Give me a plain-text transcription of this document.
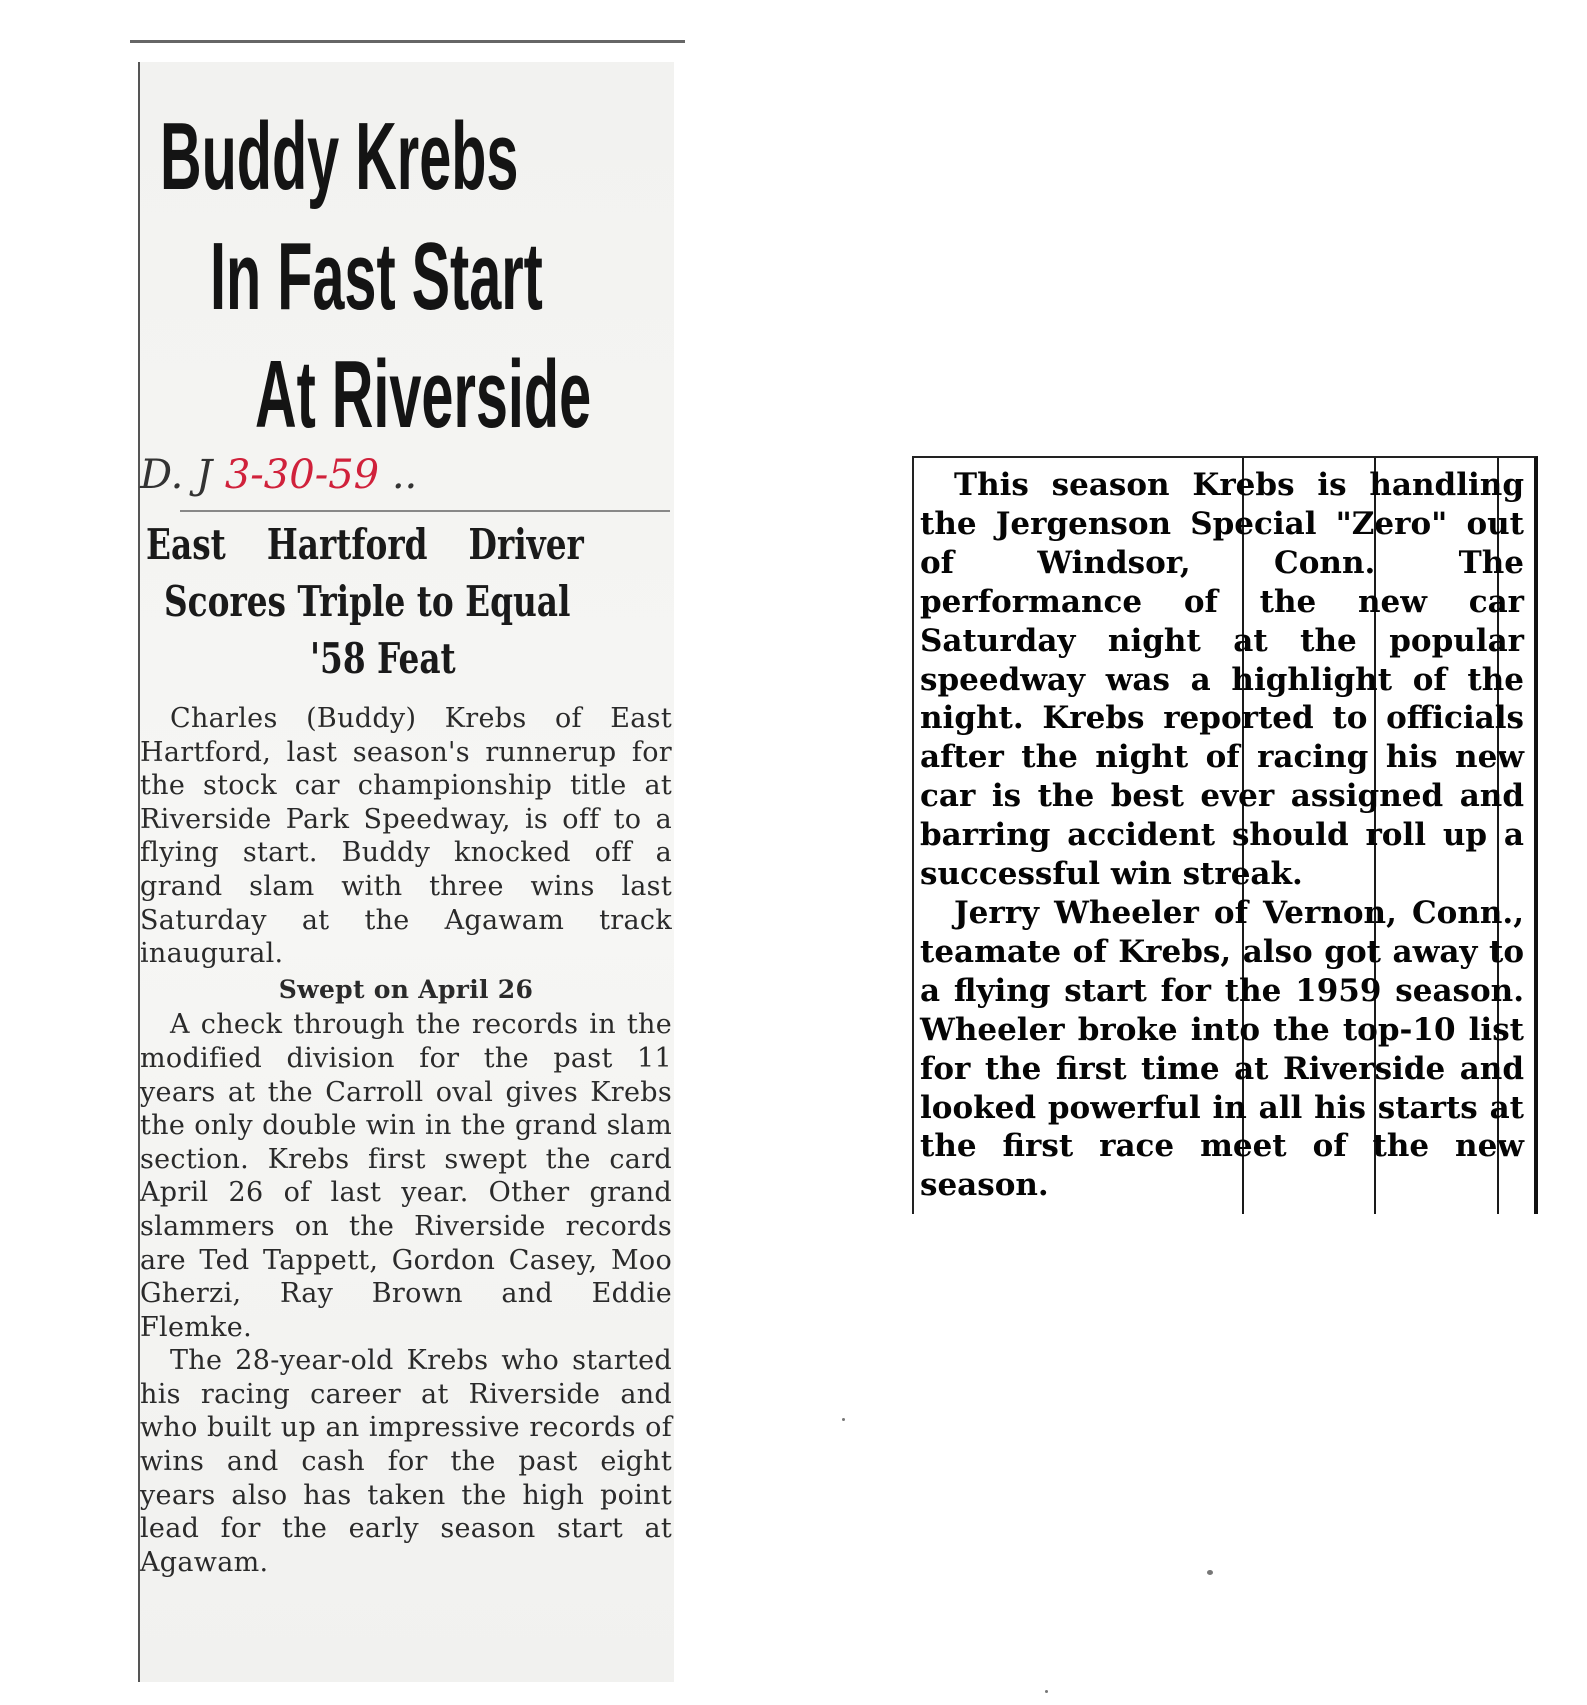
Buddy Krebs
In Fast Start
At Riverside
D. J 3-30-59 ..
East Hartford Driver
Scores Triple to Equal
'58 Feat

Charles (Buddy) Krebs of East Hartford, last season's runnerup for the stock car championship title at Riverside Park Speedway, is off to a flying start. Buddy knocked off a grand slam with three wins last Saturday at the Agawam track inaugural.

Swept on April 26

A check through the records in the modified division for the past 11 years at the Carroll oval gives Krebs the only double win in the grand slam section. Krebs first swept the card April 26 of last year. Other grand slammers on the Riverside records are Ted Tappett, Gordon Casey, Moo Gherzi, Ray Brown and Eddie Flemke.

The 28-year-old Krebs who started his racing career at Riverside and who built up an impressive records of wins and cash for the past eight years also has taken the high point lead for the early season start at Agawam.

This season Krebs is handling the Jergenson Special "Zero" out of Windsor, Conn. The performance of the new car Saturday night at the popular speedway was a highlight of the night. Krebs reported to officials after the night of racing his new car is the best ever assigned and barring accident should roll up a successful win streak.

Jerry Wheeler of Vernon, Conn., teamate of Krebs, also got away to a flying start for the 1959 season. Wheeler broke into the top-10 list for the first time at Riverside and looked powerful in all his starts at the first race meet of the new season.
